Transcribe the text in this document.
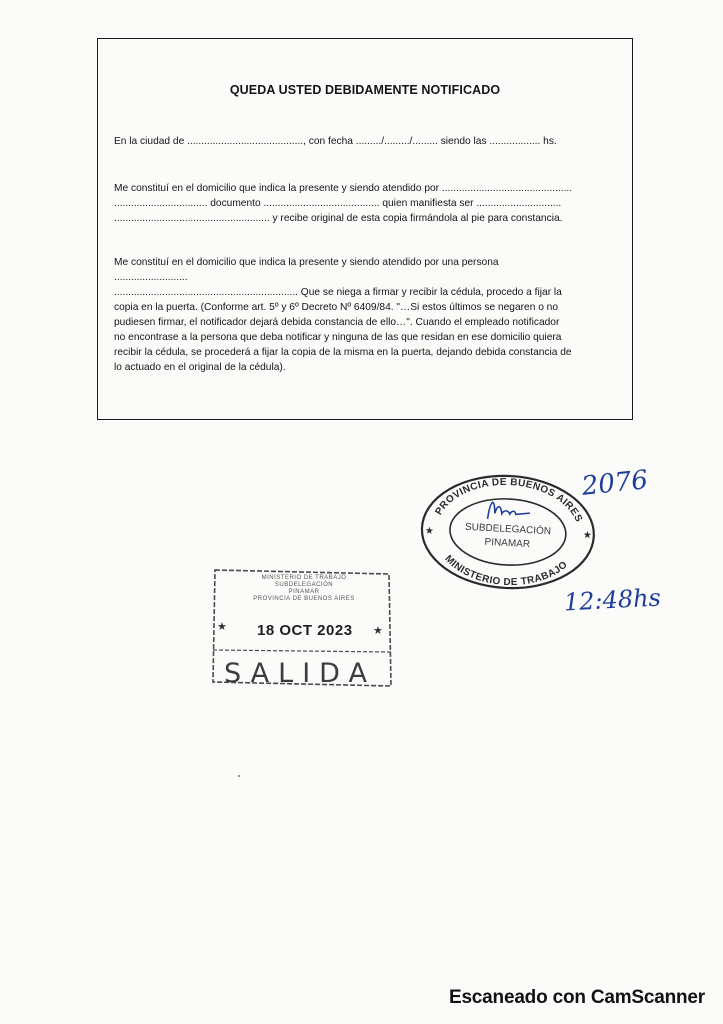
QUEDA USTED DEBIDAMENTE NOTIFICADO
En la ciudad de ........................................., con fecha ........./........./......... siendo las .................. hs.
Me constituí en el domicilio que indica la presente y siendo atendido por ..............................................
................................. documento ......................................... quien manifiesta ser ..............................
....................................................... y recibe original de esta copia firmándola al pie para constancia.
Me constituí en el domicilio que indica la presente y siendo atendido por una persona
..........................
................................................................. Que se niega a firmar y recibir la cédula, procedo a fijar la
copia en la puerta. (Conforme art. 5º y 6º Decreto Nº 6409/84. "…Si estos últimos se negaren o no
pudiesen firmar, el notificador dejará debida constancia de ello…". Cuando el empleado notificador
no encontrase a la persona que deba notificar y ninguna de las que residan en ese domicilio quiera
recibir la cédula, se procederá a fijar la copia de la misma en la puerta, dejando debida constancia de
lo actuado en el original de la cédula).
PROVINCIA DE BUENOS AIRES
MINISTERIO DE TRABAJO
SUBDELEGACIÓN
PINAMAR
★	★
2076
12:48hs
MINISTERIO DE TRABAJO
SUBDELEGACIÓN
PINAMAR
PROVINCIA DE BUENOS AIRES
★	★
18 OCT 2023
SALIDA
Escaneado con CamScanner
